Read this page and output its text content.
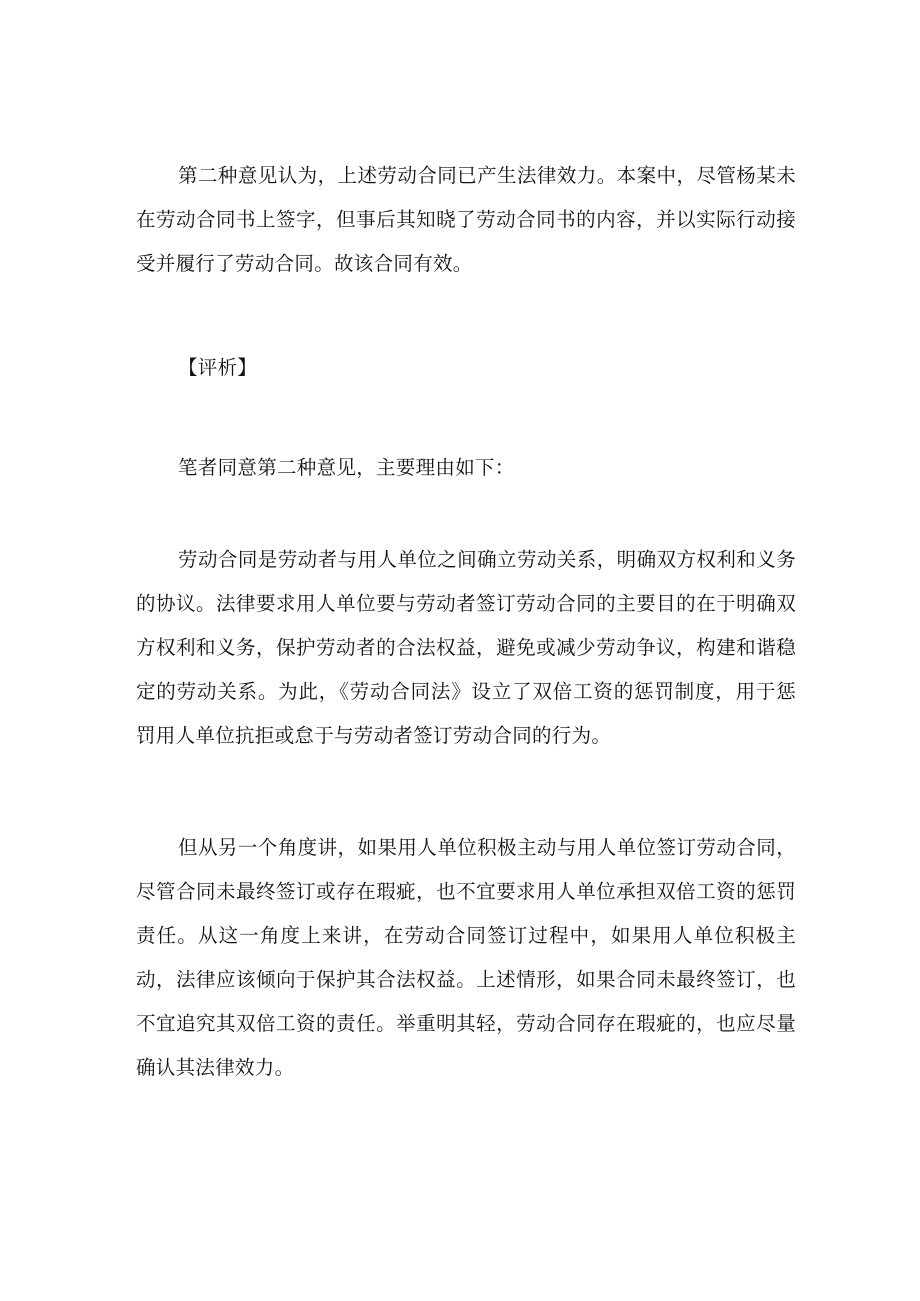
第二种意见认为，上述劳动合同已产生法律效力。本案中，尽管杨某未在劳动合同书上签字，但事后其知晓了劳动合同书的内容，并以实际行动接受并履行了劳动合同。故该合同有效。

【评析】

笔者同意第二种意见，主要理由如下：

劳动合同是劳动者与用人单位之间确立劳动关系，明确双方权利和义务的协议。法律要求用人单位要与劳动者签订劳动合同的主要目的在于明确双方权利和义务，保护劳动者的合法权益，避免或减少劳动争议，构建和谐稳定的劳动关系。为此，《劳动合同法》设立了双倍工资的惩罚制度，用于惩罚用人单位抗拒或怠于与劳动者签订劳动合同的行为。

但从另一个角度讲，如果用人单位积极主动与用人单位签订劳动合同，尽管合同未最终签订或存在瑕疵，也不宜要求用人单位承担双倍工资的惩罚责任。从这一角度上来讲，在劳动合同签订过程中，如果用人单位积极主动，法律应该倾向于保护其合法权益。上述情形，如果合同未最终签订，也不宜追究其双倍工资的责任。举重明其轻，劳动合同存在瑕疵的，也应尽量确认其法律效力。
